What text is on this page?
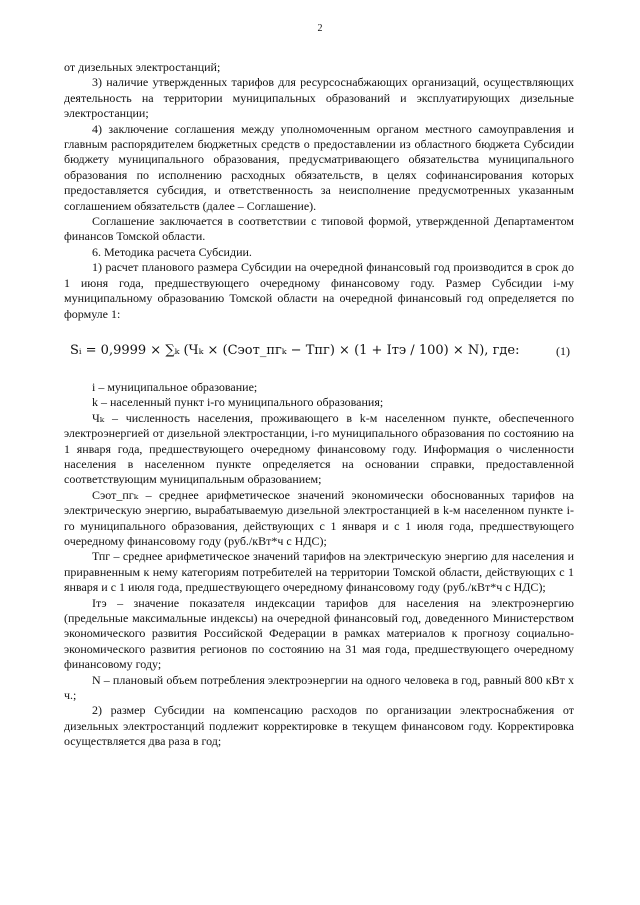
2

от дизельных электростанций;

3) наличие утвержденных тарифов для ресурсоснабжающих организаций, осуществляющих деятельность на территории муниципальных образований и эксплуатирующих дизельные электростанции;

4) заключение соглашения между уполномоченным органом местного самоуправления и главным распорядителем бюджетных средств о предоставлении из областного бюджета Субсидии бюджету муниципального образования, предусматривающего обязательства муниципального образования по исполнению расходных обязательств, в целях софинансирования которых предоставляется субсидия, и ответственность за неисполнение предусмотренных указанным соглашением обязательств (далее – Соглашение).

Соглашение заключается в соответствии с типовой формой, утвержденной Департаментом финансов Томской области.

6. Методика расчета Субсидии.

1) расчет планового размера Субсидии на очередной финансовый год производится в срок до 1 июня года, предшествующего очередному финансовому году. Размер Субсидии i-му муниципальному образованию Томской области на очередной финансовый год определяется по формуле 1:

Sᵢ = 0,9999 × ∑ₖ (Чₖ × (Сэот_пгₖ − Тпг) × (1 + Iтэ / 100) × N), где:	(1)

i – муниципальное образование;

k – населенный пункт i-го муниципального образования;

Чₖ – численность населения, проживающего в k-м населенном пункте, обеспеченного электроэнергией от дизельной электростанции, i-го муниципального образования по состоянию на 1 января года, предшествующего очередному финансовому году. Информация о численности населения в населенном пункте определяется на основании справки, предоставленной соответствующим муниципальным образованием;

Сэот_пгₖ – среднее арифметическое значений экономически обоснованных тарифов на электрическую энергию, вырабатываемую дизельной электростанцией в k-м населенном пункте i-го муниципального образования, действующих с 1 января и с 1 июля года, предшествующего очередному финансовому году (руб./кВт*ч с НДС);

Тпг – среднее арифметическое значений тарифов на электрическую энергию для населения и приравненным к нему категориям потребителей на территории Томской области, действующих с 1 января и с 1 июля года, предшествующего очередному финансовому году (руб./кВт*ч с НДС);

Iтэ – значение показателя индексации тарифов для населения на электроэнергию (предельные максимальные индексы) на очередной финансовый год, доведенного Министерством экономического развития Российской Федерации в рамках материалов к прогнозу социально-экономического развития регионов по состоянию на 31 мая года, предшествующего очередному финансовому году;

N – плановый объем потребления электроэнергии на одного человека в год, равный 800 кВт х ч.;

2) размер Субсидии на компенсацию расходов по организации электроснабжения от дизельных электростанций подлежит корректировке в текущем финансовом году. Корректировка осуществляется два раза в год;
